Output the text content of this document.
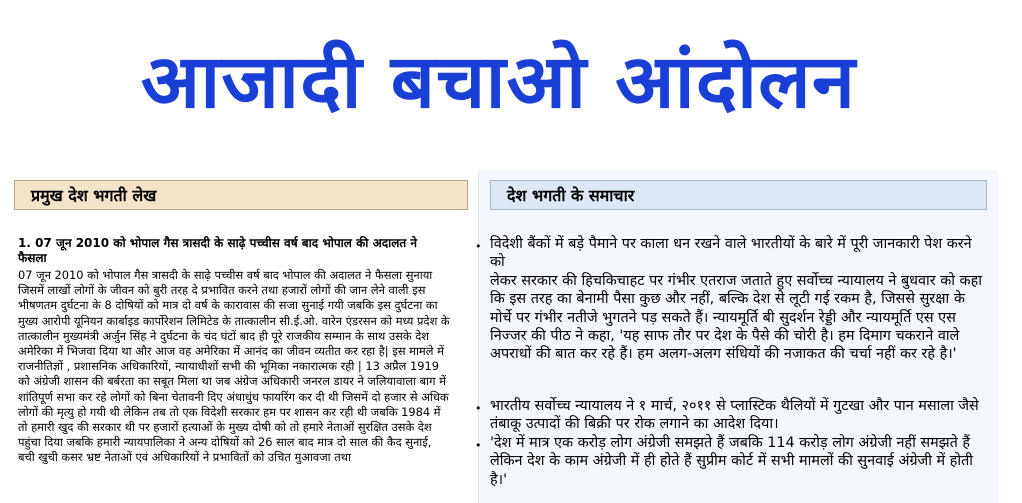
आजादी बचाओ आंदोलन
प्रमुख देश भगती लेख
1. 07 जून 2010 को भोपाल गैस त्रासदी के साढ़े पच्चीस वर्ष बाद भोपाल की अदालत ने फैसला
07 जून 2010 को भोपाल गैस त्रासदी के साढ़े पच्चीस वर्ष बाद भोपाल की अदालत ने फैसला सुनाया जिसमें लाखों लोगों के जीवन को बुरी तरह दे प्रभावित करने तथा हजारों लोगों की जान लेने वाली इस भीषणतम दुर्घटना के 8 दोषियों को मात्र दो वर्ष के कारावास की सजा सुनाई गयी जबकि इस दुर्घटना का मुख्य आरोपी यूनियन कार्बाइड कार्पोरेशन लिमिटेड के तात्कालीन सी.ई.ओ. वारेन एंडरसन को मध्य प्रदेश के तात्कालीन मुख्यमंत्री अर्जुन सिंह ने दुर्घटना के चंद घंटों बाद ही पूरे राजकीय सम्मान के साथ उसके देश अमेरिका में भिजवा दिया था और आज वह अमेरिका में आनंद का जीवन व्यतीत कर रहा है| इस मामले में राजनीतिज्ञों , प्रशासनिक अधिकारियों, न्यायाधीशों सभी की भूमिका नकारात्मक रही | 13 अप्रैल 1919 को अंग्रेजी शासन की बर्बरता का सबूत मिला था जब अंग्रेज अधिकारी जनरल डायर ने जलियावाला बाग में शांतिपूर्ण सभा कर रहे लोगों को बिना चेतावनी दिए अंधाधुंध फायरिंग कर दी थी जिसमें दो हजार से अधिक लोगों की मृत्यु हो गयी थी लेकिन तब तो एक विदेशी सरकार हम पर शासन कर रही थी जबकि 1984 में तो हमारी खुद की सरकार थी पर हजारों हत्याओं के मुख्य दोषी को तो हमारे नेताओं सुरक्षित उसके देश पहुंचा दिया जबकि हमारी न्यायपालिका ने अन्य दोषियों को 26 साल बाद मात्र दो साल की कैद सुनाई, बची खुची कसर भ्रष्ट नेताओं एवं अधिकारियों ने प्रभावितों को उचित मुआवजा तथा
देश भगती के समाचार
• विदेशी बैंकों में बड़े पैमाने पर काला धन रखने वाले भारतीयों के बारे में पूरी जानकारी पेश करने को
लेकर सरकार की हिचकिचाहट पर गंभीर एतराज जताते हुए सर्वोच्च न्यायालय ने बुधवार को कहा कि इस तरह का बेनामी पैसा कुछ और नहीं, बल्कि देश से लूटी गई रकम है, जिससे सुरक्षा के मोर्चे पर गंभीर नतीजे भुगतने पड़ सकते हैं। न्यायमूर्ति बी सुदर्शन रेड्डी और न्यायमूर्ति एस एस निज्जर की पीठ ने कहा, 'यह साफ तौर पर देश के पैसे की चोरी है। हम दिमाग चकराने वाले अपराधों की बात कर रहे हैं। हम अलग-अलग संधियों की नजाकत की चर्चा नहीं कर रहे है।'
• भारतीय सर्वोच्च न्यायालय ने १ मार्च, २०११ से प्लास्टिक थैलियों में गुटखा और पान मसाला जैसे तंबाकू उत्पादों की बिक्री पर रोक लगाने का आदेश दिया।
• 'देश में मात्र एक करोड़ लोग अंग्रेजी समझते हैं जबकि 114 करोड़ लोग अंग्रेजी नहीं समझते हैं लेकिन देश के काम अंग्रेजी में ही होते हैं सुप्रीम कोर्ट में सभी मामलों की सुनवाई अंग्रेजी में होती है।'
